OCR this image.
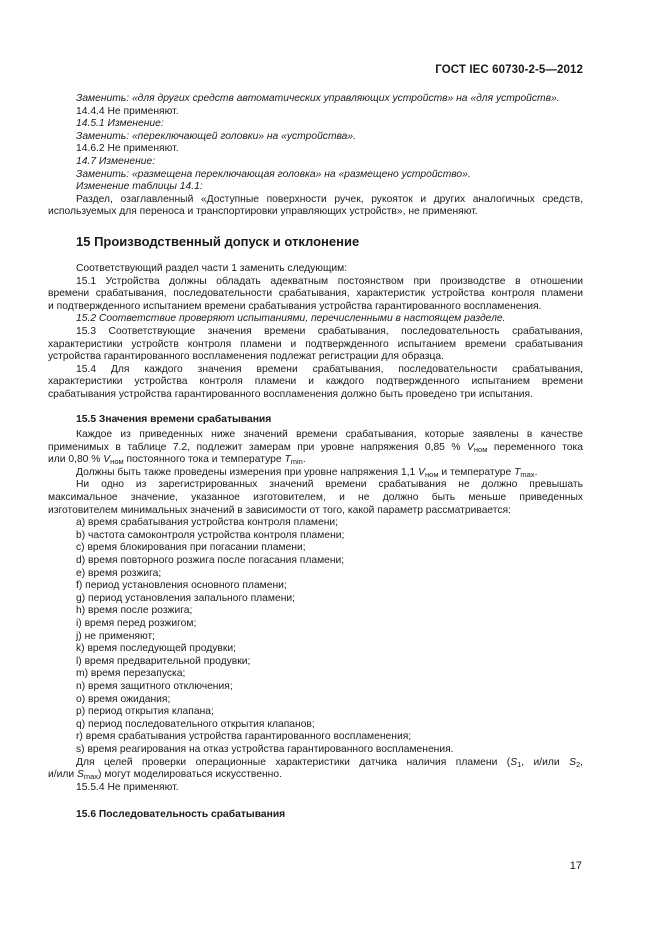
ГОСТ IEC 60730-2-5—2012

Заменить: «для других средств автоматических управляющих устройств» на «для устройств».

14.4.4 Не применяют.

14.5.1 Изменение:

Заменить: «переключающей головки» на «устройства».

14.6.2 Не применяют.

14.7 Изменение:

Заменить: «размещена переключающая головка» на «размещено устройство».

Изменение таблицы 14.1:

Раздел, озаглавленный «Доступные поверхности ручек, рукояток и других аналогичных средств,

используемых для переноса и транспортировки управляющих устройств», не применяют.

15 Производственный допуск и отклонение

Соответствующий раздел части 1 заменить следующим:

15.1 Устройства должны обладать адекватным постоянством при производстве в отношении

времени срабатывания, последовательности срабатывания, характеристик устройства контроля пламени

и подтвержденного испытанием времени срабатывания устройства гарантированного воспламенения.

15.2 Соответствие проверяют испытаниями, перечисленными в настоящем разделе.

15.3 Соответствующие значения времени срабатывания, последовательность срабатывания,

характеристики устройств контроля пламени и подтвержденного испытанием времени срабатывания

устройства гарантированного воспламенения подлежат регистрации для образца.

15.4 Для каждого значения времени срабатывания, последовательности срабатывания,

характеристики устройства контроля пламени и каждого подтвержденного испытанием времени

срабатывания устройства гарантированного воспламенения должно быть проведено три испытания.

15.5 Значения времени срабатывания

Каждое из приведенных ниже значений времени срабатывания, которые заявлены в качестве

применимых в таблице 7.2, подлежит замерам при уровне напряжения 0,85 % $V_{ном}$ переменного тока

или 0,80 % $V_{ном}$ постоянного тока и температуре $T_{min}$.

Должны быть также проведены измерения при уровне напряжения 1,1 $V_{ном}$ и температуре $T_{max}$.

Ни одно из зарегистрированных значений времени срабатывания не должно превышать

максимальное значение, указанное изготовителем, и не должно быть меньше приведенных

изготовителем минимальных значений в зависимости от того, какой параметр рассматривается:

a) время срабатывания устройства контроля пламени;

b) частота самоконтроля устройства контроля пламени;

c) время блокирования при погасании пламени;

d) время повторного розжига после погасания пламени;

e) время розжига;

f) период установления основного пламени;

g) период установления запального пламени;

h) время после розжига;

i) время перед розжигом;

j) не применяют;

k) время последующей продувки;

l) время предварительной продувки;

m) время перезапуска;

n) время защитного отключения;

o) время ожидания;

p) период открытия клапана;

q) период последовательного открытия клапанов;

r) время срабатывания устройства гарантированного воспламенения;

s) время реагирования на отказ устройства гарантированного воспламенения.

Для целей проверки операционные характеристики датчика наличия пламени ($S_1$, и/или $S_2$,

и/или $S_{max}$) могут моделироваться искусственно.

15.5.4 Не применяют.

15.6 Последовательность срабатывания
17
